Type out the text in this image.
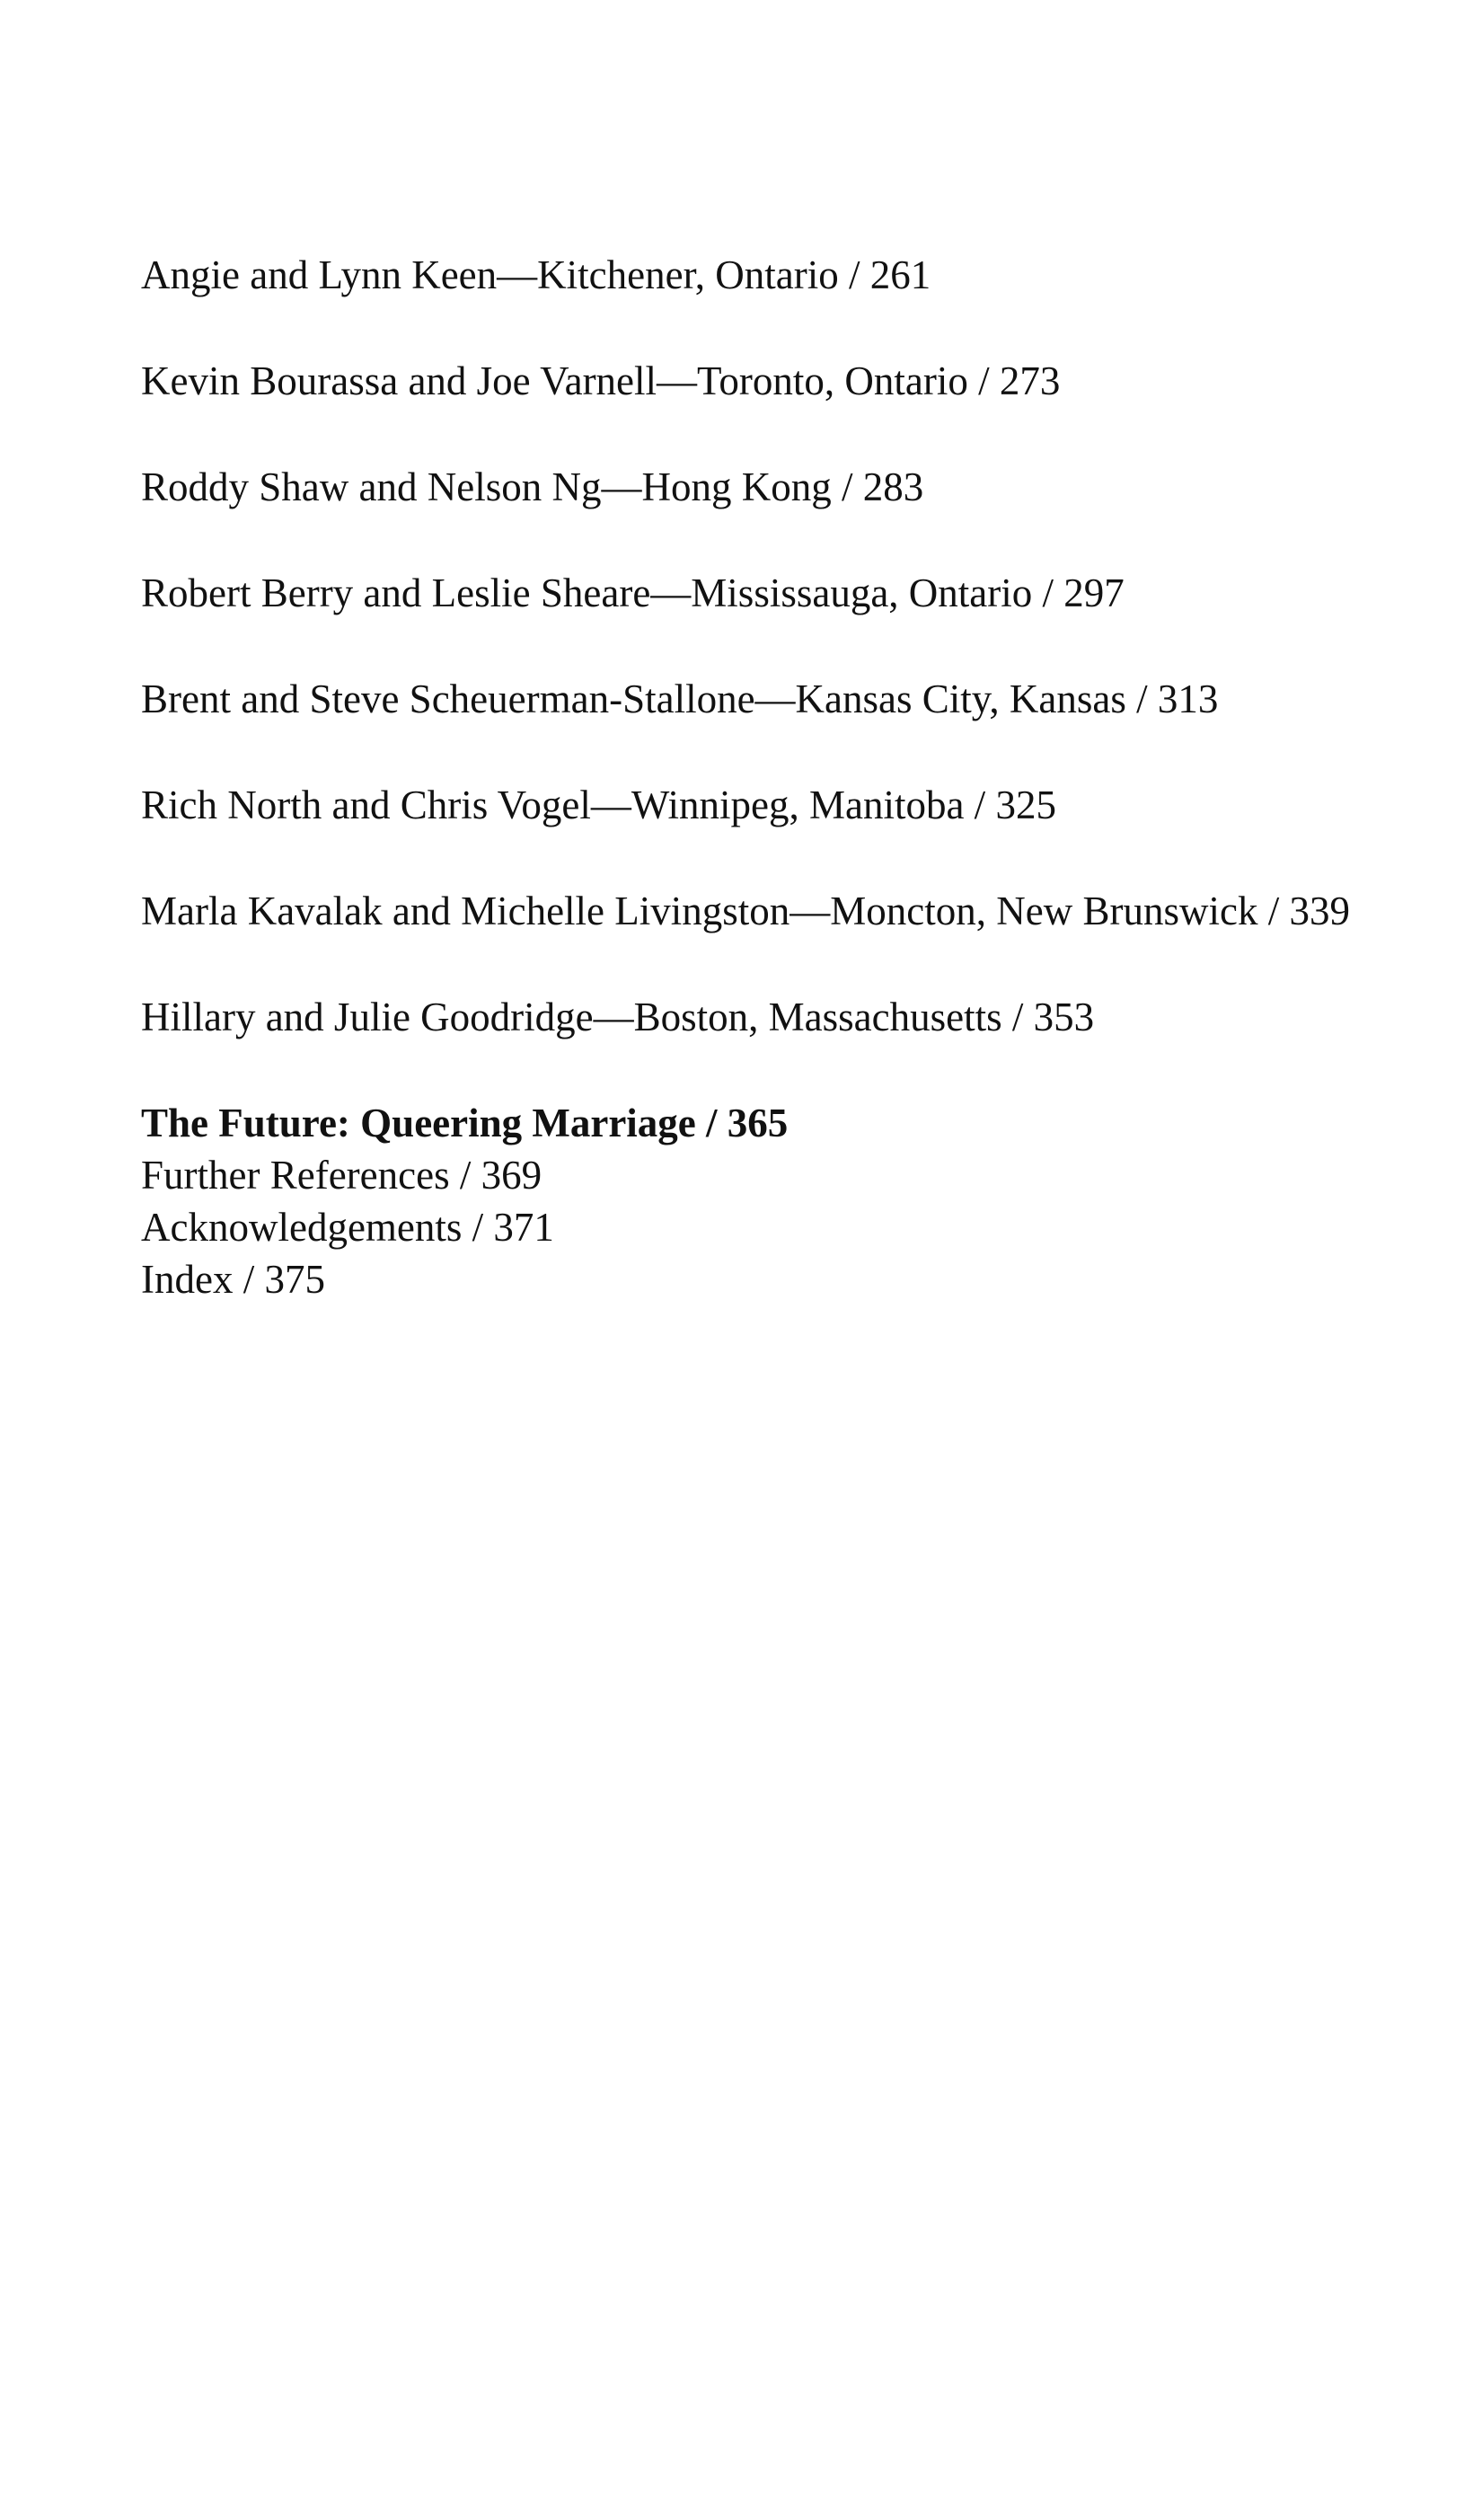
Angie and Lynn Keen—Kitchener, Ontario / 261
Kevin Bourassa and Joe Varnell—Toronto, Ontario / 273
Roddy Shaw and Nelson Ng—Hong Kong / 283
Robert Berry and Leslie Sheare—Mississauga, Ontario / 297
Brent and Steve Scheuerman-Stallone—Kansas City, Kansas / 313
Rich North and Chris Vogel—Winnipeg, Manitoba / 325
Marla Kavalak and Michelle Livingston—Moncton, New Brunswick / 339
Hillary and Julie Goodridge—Boston, Massachusetts / 353
The Future: Queering Marriage / 365
Further References / 369
Acknowledgements / 371
Index / 375
